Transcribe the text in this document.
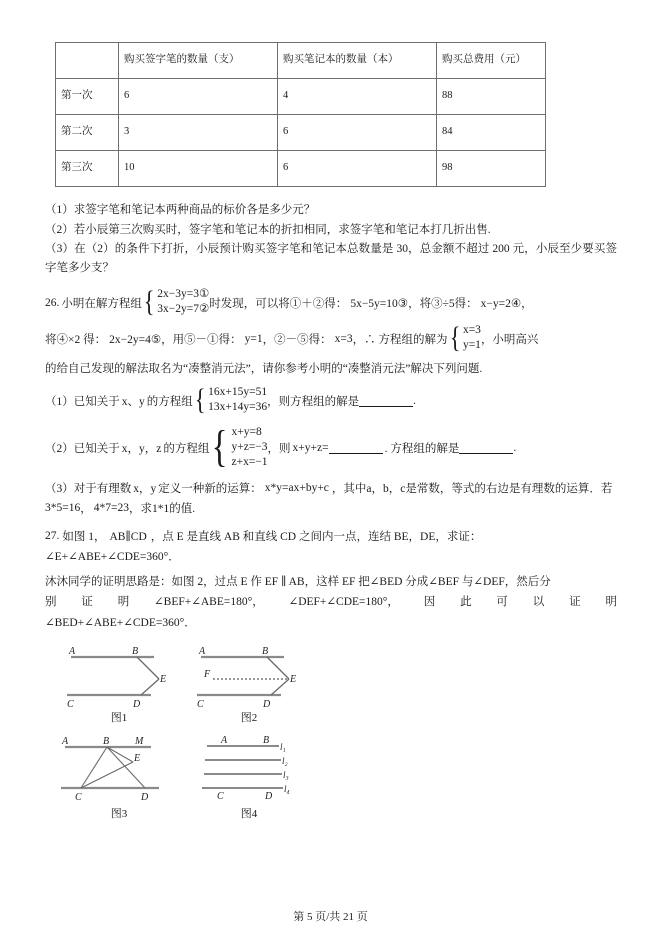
	购买签字笔的数量（支）	购买笔记本的数量（本）	购买总费用（元）
第一次	6	4	88
第二次	3	6	84
第三次	10	6	98

（1）求签字笔和笔记本两种商品的标价各是多少元？

（2）若小辰第三次购买时，签字笔和笔记本的折扣相同，求签字笔和笔记本打几折出售.

（3）在（2）的条件下打折，小辰预计购买签字笔和笔记本总数量是 30，总金额不超过 200 元，小辰至少要买签字笔多少支？

26. 小明在解方程组 { 2x−3y=3①
3x−2y=7② 时发现，可以将①＋②得： 5x−5y=10③ ，将③÷5得： x−y=2④，
将④×2 得： 2x−2y=4⑤ ，用⑤－①得： y=1 ，②－⑤得： x=3 ，∴ 方程组的解为 { x=3
y=1 ，小明高兴

的给自己发现的解法取名为“凑整消元法”，请你参考小明的“凑整消元法”解决下列问题.

（1）已知关于 x、y 的方程组 { 16x+15y=51
13x+14y=36 ，则方程组的解是	.
（2）已知关于 x，y，z 的方程组 { x+y=8
y+z=−3
z+x=−1
，则 x+y+z=	. 方程组的解是	.
（3）对于有理数 x，y 定义一种新的运算： x*y=ax+by+c ，其中 a，b，c 是常数，等式的右边是有理数的运算．若
3*5=16 ， 4*7=23 ，求1*1的值.
27. 如图 1， AB∥CD ，点 E 是直线 AB 和直线 CD 之间内一点，连结 BE，DE，求证：

∠E+∠ABE+∠CDE=360°．

沐沐同学的证明思路是：如图 2，过点 E 作 EF ∥ AB，这样 EF 把∠BED 分成∠BEF 与∠DEF，然后分

别 证 明 ∠BEF+∠ABE=180°， ∠DEF+∠CDE=180°， 因 此 可 以 证 明

∠BED+∠ABE+∠CDE=360°．

A	B
C	D
E
图1
A	B
C	D
E
F
图2
A	B	M
C	D
E
图3
A	B
C	D
l₁
l₂
l₃
l₄
图4
第 5 页/共 21 页
